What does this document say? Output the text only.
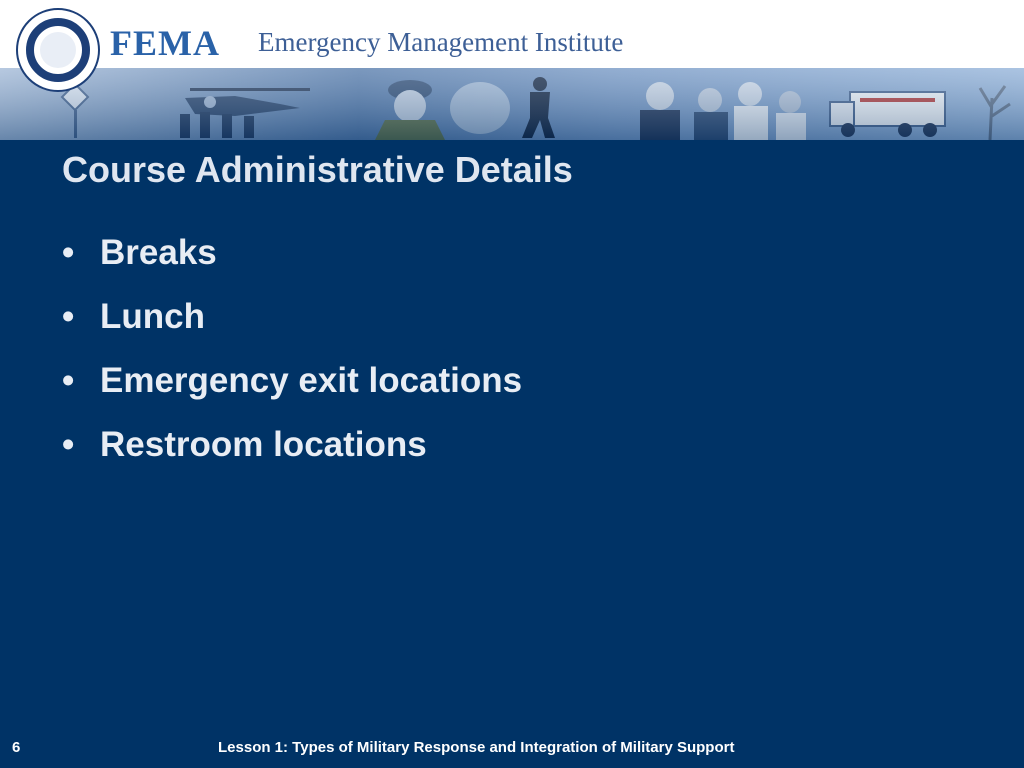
FEMA Emergency Management Institute
Course Administrative Details
• Breaks
• Lunch
• Emergency exit locations
• Restroom locations
6	Lesson 1: Types of Military Response and Integration of Military Support
